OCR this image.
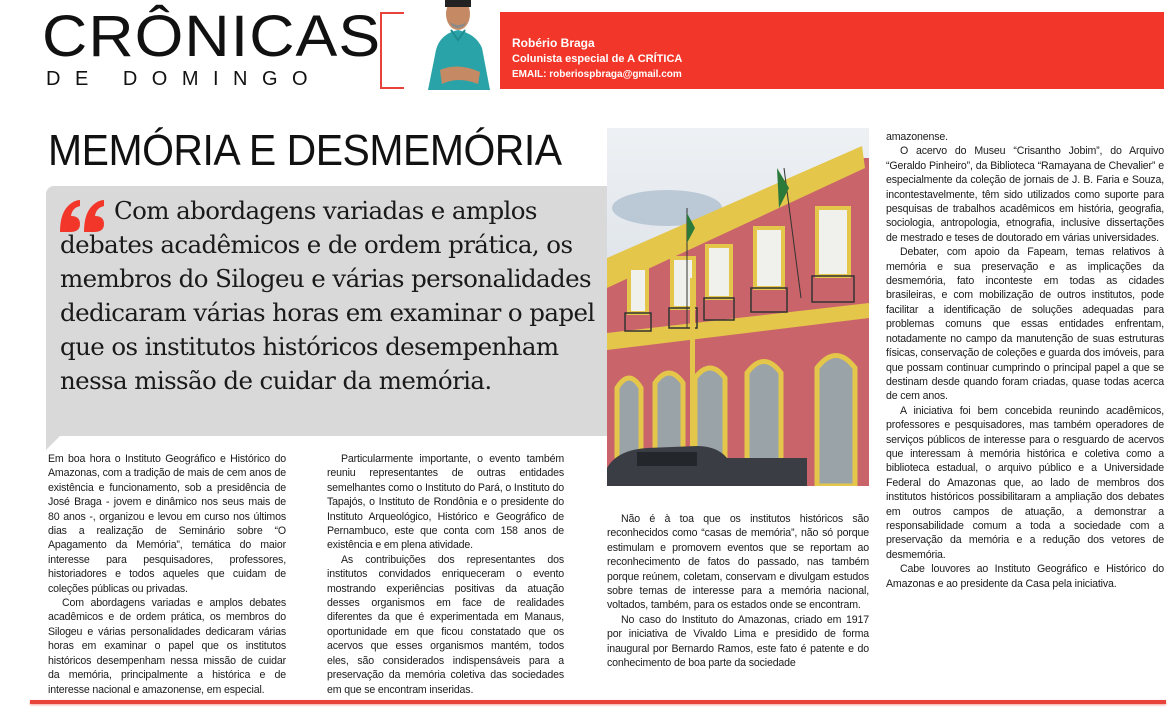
CRÔNICAS
DE DOMINGO
Robério Braga
Colunista especial de A CRÍTICA
EMAIL: roberiospbraga@gmail.com
MEMÓRIA E DESMEMÓRIA

Com abordagens variadas e amplos debates acadêmicos e de ordem prática, os membros do Silogeu e várias personalidades dedicaram várias horas em examinar o papel que os institutos históricos desempenham nessa missão de cuidar da memória.

Em boa hora o Instituto Geográfico e Histórico do Amazonas, com a tradição de mais de cem anos de existência e funcionamento, sob a presidência de José Braga - jovem e dinâmico nos seus mais de 80 anos -, organizou e levou em curso nos últimos dias a realização de Seminário sobre “O Apagamento da Memória”, temática do maior interesse para pesquisadores, professores, historiadores e todos aqueles que cuidam de coleções públicas ou privadas.

Com abordagens variadas e amplos debates acadêmicos e de ordem prática, os membros do Silogeu e várias personalidades dedicaram várias horas em examinar o papel que os institutos históricos desempenham nessa missão de cuidar da memória, principalmente a histórica e de interesse nacional e amazonense, em especial.

Particularmente importante, o evento também reuniu representantes de outras entidades semelhantes como o Instituto do Pará, o Instituto do Tapajós, o Instituto de Rondônia e o presidente do Instituto Arqueológico, Histórico e Geográfico de Pernambuco, este que conta com 158 anos de existência e em plena atividade.

As contribuições dos representantes dos institutos convidados enriqueceram o evento mostrando experiências positivas da atuação desses organismos em face de realidades diferentes da que é experimentada em Manaus, oportunidade em que ficou constatado que os acervos que esses organismos mantém, todos eles, são considerados indispensáveis para a preservação da memória coletiva das sociedades em que se encontram inseridas.

Não é à toa que os institutos históricos são reconhecidos como “casas de memória”, não só porque estimulam e promovem eventos que se reportam ao reconhecimento de fatos do passado, nas também porque reúnem, coletam, conservam e divulgam estudos sobre temas de interesse para a memória nacional, voltados, também, para os estados onde se encontram.

No caso do Instituto do Amazonas, criado em 1917 por iniciativa de Vivaldo Lima e presidido de forma inaugural por Bernardo Ramos, este fato é patente e do conhecimento de boa parte da sociedade

amazonense.

O acervo do Museu “Crisantho Jobim”, do Arquivo “Geraldo Pinheiro”, da Biblioteca “Ramayana de Chevalier” e especialmente da coleção de jornais de J. B. Faria e Souza, incontestavelmente, têm sido utilizados como suporte para pesquisas de trabalhos acadêmicos em história, geografia, sociologia, antropologia, etnografia, inclusive dissertações de mestrado e teses de doutorado em várias universidades.

Debater, com apoio da Fapeam, temas relativos à memória e sua preservação e as implicações da desmemória, fato inconteste em todas as cidades brasileiras, e com mobilização de outros institutos, pode facilitar a identificação de soluções adequadas para problemas comuns que essas entidades enfrentam, notadamente no campo da manutenção de suas estruturas físicas, conservação de coleções e guarda dos imóveis, para que possam continuar cumprindo o principal papel a que se destinam desde quando foram criadas, quase todas acerca de cem anos.

A iniciativa foi bem concebida reunindo acadêmicos, professores e pesquisadores, mas também operadores de serviços públicos de interesse para o resguardo de acervos que interessam à memória histórica e coletiva como a biblioteca estadual, o arquivo público e a Universidade Federal do Amazonas que, ao lado de membros dos institutos históricos possibilitaram a ampliação dos debates em outros campos de atuação, a demonstrar a responsabilidade comum a toda a sociedade com a preservação da memória e a redução dos vetores de desmemória.

Cabe louvores ao Instituto Geográfico e Histórico do Amazonas e ao presidente da Casa pela iniciativa.
